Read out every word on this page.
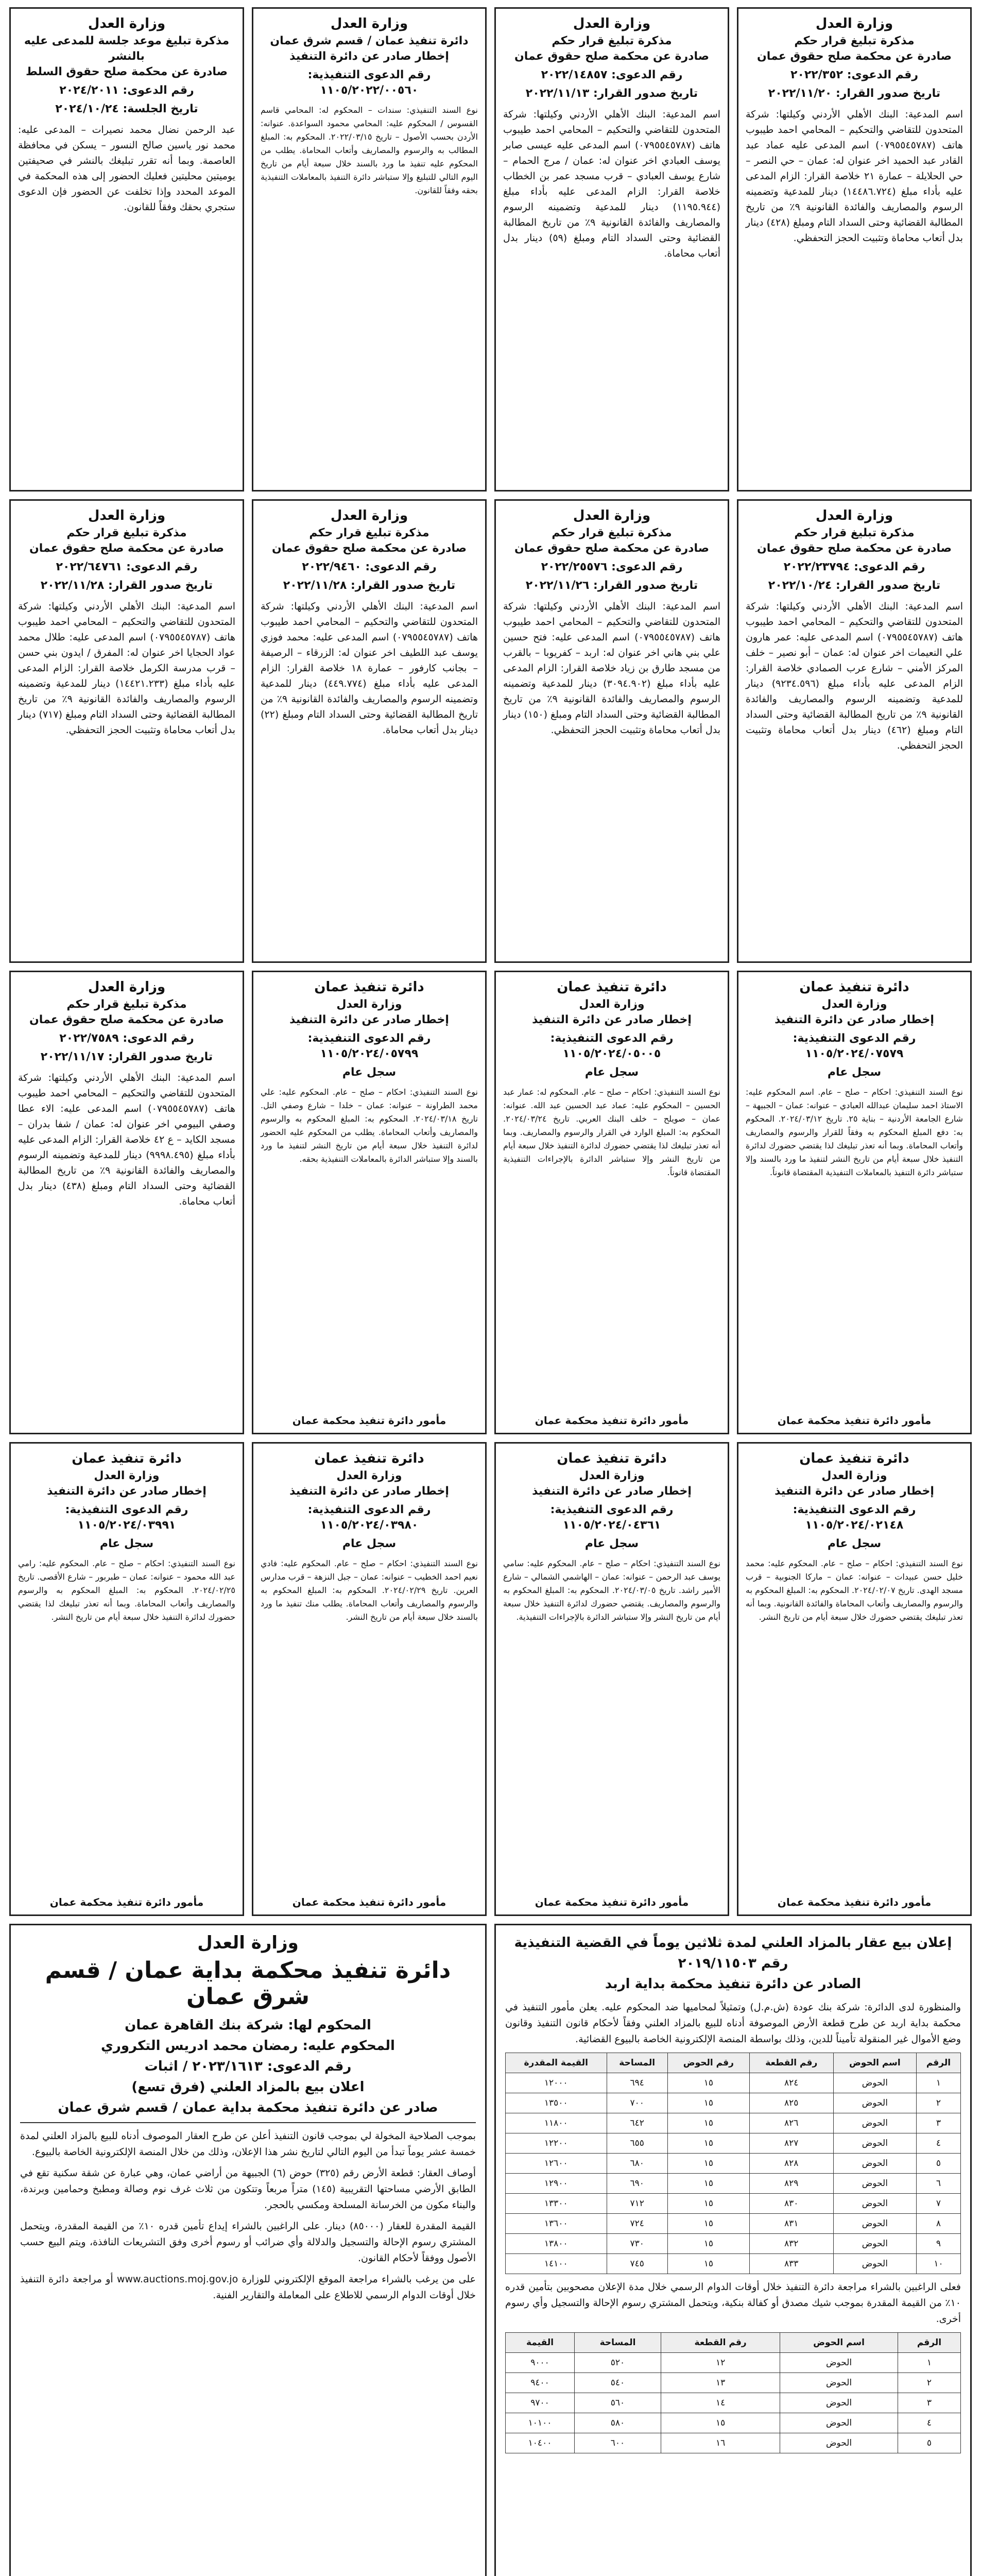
وزارة العدل
مذكرة تبليغ قرار حكم
صادرة عن محكمة صلح حقوق عمان
رقم الدعوى: ٢٠٢٢/٣٥٢
تاريخ صدور القرار: ٢٠٢٢/١١/٢٠
اسم المدعية: البنك الأهلي الأردني وكيلتها: شركة المتحدون للتقاضي والتحكيم – المحامي احمد طيبوب هاتف (٠٧٩٥٥٤٥٧٨٧) اسم المدعى عليه عماد عبد القادر عبد الحميد اخر عنوان له: عمان – حي النصر – حي الحلايلة – عمارة ٢١ خلاصة القرار: الزام المدعى عليه بأداء مبلغ (١٤٤٨٦.٧٢٤) دينار للمدعية وتضمينه الرسوم والمصاريف والفائدة القانونية ٩٪ من تاريخ المطالبة القضائية وحتى السداد التام ومبلغ (٤٢٨) دينار بدل أتعاب محاماة وتثبيت الحجز التحفظي.
وزارة العدل
مذكرة تبليغ قرار حكم
صادرة عن محكمة صلح حقوق عمان
رقم الدعوى: ٢٠٢٢/١٤٨٥٧
تاريخ صدور القرار: ٢٠٢٢/١١/١٣
اسم المدعية: البنك الأهلي الأردني وكيلتها: شركة المتحدون للتقاضي والتحكيم – المحامي احمد طيبوب هاتف (٠٧٩٥٥٤٥٧٨٧) اسم المدعى عليه عيسى صابر يوسف العبادي اخر عنوان له: عمان / مرج الحمام – شارع يوسف العبادي – قرب مسجد عمر بن الخطاب خلاصة القرار: الزام المدعى عليه بأداء مبلغ (١١٩٥.٩٤٤) دينار للمدعية وتضمينه الرسوم والمصاريف والفائدة القانونية ٩٪ من تاريخ المطالبة القضائية وحتى السداد التام ومبلغ (٥٩) دينار بدل أتعاب محاماة.
وزارة العدل
دائرة تنفيذ عمان / قسم شرق عمان
إخطار صادر عن دائرة التنفيذ
رقم الدعوى التنفيذية: ١١٠٥/٢٠٢٢/٠٠٥٦٠
نوع السند التنفيذي: سندات – المحكوم له: المحامي قاسم القسوس / المحكوم عليه: المحامي محمود السواعدة. عنوانه: الأردن بحسب الأصول – تاريخ ٢٠٢٢/٠٣/١٥. المحكوم به: المبلغ المطالب به والرسوم والمصاريف وأتعاب المحاماة. يطلب من المحكوم عليه تنفيذ ما ورد بالسند خلال سبعة أيام من تاريخ اليوم التالي للتبليغ وإلا ستباشر دائرة التنفيذ بالمعاملات التنفيذية بحقه وفقاً للقانون.
وزارة العدل
مذكرة تبليغ موعد جلسة للمدعى عليه بالنشر
صادرة عن محكمة صلح حقوق السلط
رقم الدعوى: ٢٠٢٤/٢٠١١
تاريخ الجلسة: ٢٠٢٤/١٠/٢٤
عبد الرحمن نضال محمد نصيرات – المدعى عليه: محمد نور ياسين صالح النسور – يسكن في محافظة العاصمة. وبما أنه تقرر تبليغك بالنشر في صحيفتين يوميتين محليتين فعليك الحضور إلى هذه المحكمة في الموعد المحدد وإذا تخلفت عن الحضور فإن الدعوى ستجري بحقك وفقاً للقانون.
وزارة العدل
مذكرة تبليغ قرار حكم
صادرة عن محكمة صلح حقوق عمان
رقم الدعوى: ٢٠٢٢/٢٣٧٩٤
تاريخ صدور القرار: ٢٠٢٢/١٠/٢٤
اسم المدعية: البنك الأهلي الأردني وكيلتها: شركة المتحدون للتقاضي والتحكيم – المحامي احمد طيبوب هاتف (٠٧٩٥٥٤٥٧٨٧) اسم المدعى عليه: عمر هارون علي النعيمات اخر عنوان له: عمان – أبو نصير – خلف المركز الأمني – شارع عرب الصمادي خلاصة القرار: الزام المدعى عليه بأداء مبلغ (٩٢٣٤.٥٩٦) دينار للمدعية وتضمينه الرسوم والمصاريف والفائدة القانونية ٩٪ من تاريخ المطالبة القضائية وحتى السداد التام ومبلغ (٤٦٢) دينار بدل أتعاب محاماة وتثبيت الحجز التحفظي.
وزارة العدل
مذكرة تبليغ قرار حكم
صادرة عن محكمة صلح حقوق عمان
رقم الدعوى: ٢٠٢٢/٢٥٥٧٦
تاريخ صدور القرار: ٢٠٢٢/١١/٢٦
اسم المدعية: البنك الأهلي الأردني وكيلتها: شركة المتحدون للتقاضي والتحكيم – المحامي احمد طيبوب هاتف (٠٧٩٥٥٤٥٧٨٧) اسم المدعى عليه: فتح حسين علي بني هاني اخر عنوان له: اربد – كفريوبا – بالقرب من مسجد طارق بن زياد خلاصة القرار: الزام المدعى عليه بأداء مبلغ (٣٠٩٤.٩٠٢) دينار للمدعية وتضمينه الرسوم والمصاريف والفائدة القانونية ٩٪ من تاريخ المطالبة القضائية وحتى السداد التام ومبلغ (١٥٠) دينار بدل أتعاب محاماة وتثبيت الحجز التحفظي.
وزارة العدل
مذكرة تبليغ قرار حكم
صادرة عن محكمة صلح حقوق عمان
رقم الدعوى: ٢٠٢٢/٩٤٦٠
تاريخ صدور القرار: ٢٠٢٢/١١/٢٨
اسم المدعية: البنك الأهلي الأردني وكيلتها: شركة المتحدون للتقاضي والتحكيم – المحامي احمد طيبوب هاتف (٠٧٩٥٥٤٥٧٨٧) اسم المدعى عليه: محمد فوزي يوسف عبد اللطيف اخر عنوان له: الزرقاء – الرصيفة – بجانب كارفور – عمارة ١٨ خلاصة القرار: الزام المدعى عليه بأداء مبلغ (٤٤٩.٧٧٤) دينار للمدعية وتضمينه الرسوم والمصاريف والفائدة القانونية ٩٪ من تاريخ المطالبة القضائية وحتى السداد التام ومبلغ (٢٢) دينار بدل أتعاب محاماة.
وزارة العدل
مذكرة تبليغ قرار حكم
صادرة عن محكمة صلح حقوق عمان
رقم الدعوى: ٢٠٢٢/٦٤٧٦١
تاريخ صدور القرار: ٢٠٢٢/١١/٢٨
اسم المدعية: البنك الأهلي الأردني وكيلتها: شركة المتحدون للتقاضي والتحكيم – المحامي احمد طيبوب هاتف (٠٧٩٥٥٤٥٧٨٧) اسم المدعى عليه: طلال محمد عواد الحجايا اخر عنوان له: المفرق / ايدون بني حسن – قرب مدرسة الكرمل خلاصة القرار: الزام المدعى عليه بأداء مبلغ (١٤٤٢١.٢٣٣) دينار للمدعية وتضمينه الرسوم والمصاريف والفائدة القانونية ٩٪ من تاريخ المطالبة القضائية وحتى السداد التام ومبلغ (٧١٧) دينار بدل أتعاب محاماة وتثبيت الحجز التحفظي.
دائرة تنفيذ عمان
وزارة العدل
إخطار صادر عن دائرة التنفيذ
رقم الدعوى التنفيذية: ١١٠٥/٢٠٢٤/٠٧٥٧٩
سجل عام
نوع السند التنفيذي: احكام – صلح – عام. اسم المحكوم عليه: الاستاذ احمد سليمان عبدالله العبادي – عنوانه: عمان – الجبيهة – شارع الجامعة الأردنية – بناية ٢٥. تاريخ ٢٠٢٤/٠٣/١٢. المحكوم به: دفع المبلغ المحكوم به وفقاً للقرار والرسوم والمصاريف وأتعاب المحاماة. وبما أنه تعذر تبليغك لذا يقتضي حضورك لدائرة التنفيذ خلال سبعة أيام من تاريخ النشر لتنفيذ ما ورد بالسند وإلا ستباشر دائرة التنفيذ بالمعاملات التنفيذية المقتضاة قانوناً.
مأمور دائرة تنفيذ محكمة عمان
دائرة تنفيذ عمان
وزارة العدل
إخطار صادر عن دائرة التنفيذ
رقم الدعوى التنفيذية: ١١٠٥/٢٠٢٤/٠٥٠٠٥
سجل عام
نوع السند التنفيذي: احكام – صلح – عام. المحكوم له: عمار عبد الحسين – المحكوم عليه: عماد عبد الحسين عبد الله. عنوانه: عمان – صويلح – خلف البنك العربي. تاريخ ٢٠٢٤/٠٣/٢٤. المحكوم به: المبلغ الوارد في القرار والرسوم والمصاريف. وبما أنه تعذر تبليغك لذا يقتضي حضورك لدائرة التنفيذ خلال سبعة أيام من تاريخ النشر وإلا ستباشر الدائرة بالإجراءات التنفيذية المقتضاة قانوناً.
مأمور دائرة تنفيذ محكمة عمان
دائرة تنفيذ عمان
وزارة العدل
إخطار صادر عن دائرة التنفيذ
رقم الدعوى التنفيذية: ١١٠٥/٢٠٢٤/٠٥٧٩٩
سجل عام
نوع السند التنفيذي: احكام – صلح – عام. المحكوم عليه: علي محمد الطراونة – عنوانه: عمان – خلدا – شارع وصفي التل. تاريخ ٢٠٢٤/٠٣/١٨. المحكوم به: المبلغ المحكوم به والرسوم والمصاريف وأتعاب المحاماة. يطلب من المحكوم عليه الحضور لدائرة التنفيذ خلال سبعة أيام من تاريخ النشر لتنفيذ ما ورد بالسند وإلا ستباشر الدائرة بالمعاملات التنفيذية بحقه.
مأمور دائرة تنفيذ محكمة عمان
وزارة العدل
مذكرة تبليغ قرار حكم
صادرة عن محكمة صلح حقوق عمان
رقم الدعوى: ٢٠٢٢/٧٥٨٩
تاريخ صدور القرار: ٢٠٢٢/١١/١٧
اسم المدعية: البنك الأهلي الأردني وكيلتها: شركة المتحدون للتقاضي والتحكيم – المحامي احمد طيبوب هاتف (٠٧٩٥٥٤٥٧٨٧) اسم المدعى عليه: الاء عطا وصفي البيومي اخر عنوان له: عمان / شفا بدران – مسجد الكايد – ع ٤٢ خلاصة القرار: الزام المدعى عليه بأداء مبلغ (٩٩٩٨.٤٩٥) دينار للمدعية وتضمينه الرسوم والمصاريف والفائدة القانونية ٩٪ من تاريخ المطالبة القضائية وحتى السداد التام ومبلغ (٤٣٨) دينار بدل أتعاب محاماة.
دائرة تنفيذ عمان
وزارة العدل
إخطار صادر عن دائرة التنفيذ
رقم الدعوى التنفيذية: ١١٠٥/٢٠٢٤/٠٢١٤٨
سجل عام
نوع السند التنفيذي: احكام – صلح – عام. المحكوم عليه: محمد خليل حسن عبيدات – عنوانه: عمان – ماركا الجنوبية – قرب مسجد الهدى. تاريخ ٢٠٢٤/٠٢/٠٧. المحكوم به: المبلغ المحكوم به والرسوم والمصاريف وأتعاب المحاماة والفائدة القانونية. وبما أنه تعذر تبليغك يقتضي حضورك خلال سبعة أيام من تاريخ النشر.
مأمور دائرة تنفيذ محكمة عمان
دائرة تنفيذ عمان
وزارة العدل
إخطار صادر عن دائرة التنفيذ
رقم الدعوى التنفيذية: ١١٠٥/٢٠٢٤/٠٤٣٦١
سجل عام
نوع السند التنفيذي: احكام – صلح – عام. المحكوم عليه: سامي يوسف عبد الرحمن – عنوانه: عمان – الهاشمي الشمالي – شارع الأمير راشد. تاريخ ٢٠٢٤/٠٣/٠٥. المحكوم به: المبلغ المحكوم به والرسوم والمصاريف. يقتضي حضورك لدائرة التنفيذ خلال سبعة أيام من تاريخ النشر وإلا ستباشر الدائرة بالإجراءات التنفيذية.
مأمور دائرة تنفيذ محكمة عمان
دائرة تنفيذ عمان
وزارة العدل
إخطار صادر عن دائرة التنفيذ
رقم الدعوى التنفيذية: ١١٠٥/٢٠٢٤/٠٣٩٨٠
سجل عام
نوع السند التنفيذي: احكام – صلح – عام. المحكوم عليه: فادي نعيم احمد الخطيب – عنوانه: عمان – جبل النزهة – قرب مدارس العرين. تاريخ ٢٠٢٤/٠٢/٢٩. المحكوم به: المبلغ المحكوم به والرسوم والمصاريف وأتعاب المحاماة. يطلب منك تنفيذ ما ورد بالسند خلال سبعة أيام من تاريخ النشر.
مأمور دائرة تنفيذ محكمة عمان
دائرة تنفيذ عمان
وزارة العدل
إخطار صادر عن دائرة التنفيذ
رقم الدعوى التنفيذية: ١١٠٥/٢٠٢٤/٠٣٩٩١
سجل عام
نوع السند التنفيذي: احكام – صلح – عام. المحكوم عليه: رامي عبد الله محمود – عنوانه: عمان – طبربور – شارع الأقصى. تاريخ ٢٠٢٤/٠٢/٢٥. المحكوم به: المبلغ المحكوم به والرسوم والمصاريف وأتعاب المحاماة. وبما أنه تعذر تبليغك لذا يقتضي حضورك لدائرة التنفيذ خلال سبعة أيام من تاريخ النشر.
مأمور دائرة تنفيذ محكمة عمان
إعلان بيع عقار بالمزاد العلني لمدة ثلاثين يوماً في القضية التنفيذية رقم ٢٠١٩/١١٥٠٣
الصادر عن دائرة تنفيذ محكمة بداية اربد
والمنظورة لدى الدائرة: شركة بنك عودة (ش.م.ل) وتمثيلاً لمحاميها ضد المحكوم عليه. يعلن مأمور التنفيذ في محكمة بداية اربد عن طرح قطعة الأرض الموصوفة أدناه للبيع بالمزاد العلني وفقاً لأحكام قانون التنفيذ وقانون وضع الأموال غير المنقولة تأميناً للدين، وذلك بواسطة المنصة الإلكترونية الخاصة بالبيوع القضائية.
الرقم	اسم الحوض	رقم القطعة	رقم الحوض	المساحة	القيمة المقدرة
١	الحوض	٨٢٤	١٥	٦٩٤	١٢٠٠٠
٢	الحوض	٨٢٥	١٥	٧٠٠	١٣٥٠٠
٣	الحوض	٨٢٦	١٥	٦٤٢	١١٨٠٠
٤	الحوض	٨٢٧	١٥	٦٥٥	١٢٢٠٠
٥	الحوض	٨٢٨	١٥	٦٨٠	١٢٦٠٠
٦	الحوض	٨٢٩	١٥	٦٩٠	١٢٩٠٠
٧	الحوض	٨٣٠	١٥	٧١٢	١٣٣٠٠
٨	الحوض	٨٣١	١٥	٧٢٤	١٣٦٠٠
٩	الحوض	٨٣٢	١٥	٧٣٠	١٣٨٠٠
١٠	الحوض	٨٣٣	١٥	٧٤٥	١٤١٠٠
فعلى الراغبين بالشراء مراجعة دائرة التنفيذ خلال أوقات الدوام الرسمي خلال مدة الإعلان مصحوبين بتأمين قدره ١٠٪ من القيمة المقدرة بموجب شيك مصدق أو كفالة بنكية، ويتحمل المشتري رسوم الإحالة والتسجيل وأي رسوم أخرى.
الرقم	اسم الحوض	رقم القطعة	المساحة	القيمة
١	الحوض	١٢	٥٢٠	٩٠٠٠
٢	الحوض	١٣	٥٤٠	٩٤٠٠
٣	الحوض	١٤	٥٦٠	٩٧٠٠
٤	الحوض	١٥	٥٨٠	١٠١٠٠
٥	الحوض	١٦	٦٠٠	١٠٤٠٠
وزارة العدل
دائرة تنفيذ محكمة بداية عمان / قسم شرق عمان
المحكوم لها: شركة بنك القاهرة عمان
المحكوم عليه: رمضان محمد ادريس التكروري
رقم الدعوى: ٢٠٢٣/١٦١٣ / اثبات
اعلان بيع بالمزاد العلني (فرق تسع)
صادر عن دائرة تنفيذ محكمة بداية عمان / قسم شرق عمان
بموجب الصلاحية المخولة لي بموجب قانون التنفيذ أعلن عن طرح العقار الموصوف أدناه للبيع بالمزاد العلني لمدة خمسة عشر يوماً تبدأ من اليوم التالي لتاريخ نشر هذا الإعلان، وذلك من خلال المنصة الإلكترونية الخاصة بالبيوع.
أوصاف العقار: قطعة الأرض رقم (٣٢٥) حوض (٦) الجبيهة من أراضي عمان، وهي عبارة عن شقة سكنية تقع في الطابق الأرضي مساحتها التقريبية (١٤٥) متراً مربعاً وتتكون من ثلاث غرف نوم وصالة ومطبخ وحمامين وبرندة، والبناء مكون من الخرسانة المسلحة ومكسي بالحجر.
القيمة المقدرة للعقار (٨٥٠٠٠) دينار. على الراغبين بالشراء إيداع تأمين قدره ١٠٪ من القيمة المقدرة، ويتحمل المشتري رسوم الإحالة والتسجيل والدلالة وأي ضرائب أو رسوم أخرى وفق التشريعات النافذة، ويتم البيع حسب الأصول ووفقاً لأحكام القانون.
على من يرغب بالشراء مراجعة الموقع الإلكتروني للوزارة www.auctions.moj.gov.jo أو مراجعة دائرة التنفيذ خلال أوقات الدوام الرسمي للاطلاع على المعاملة والتقارير الفنية.
